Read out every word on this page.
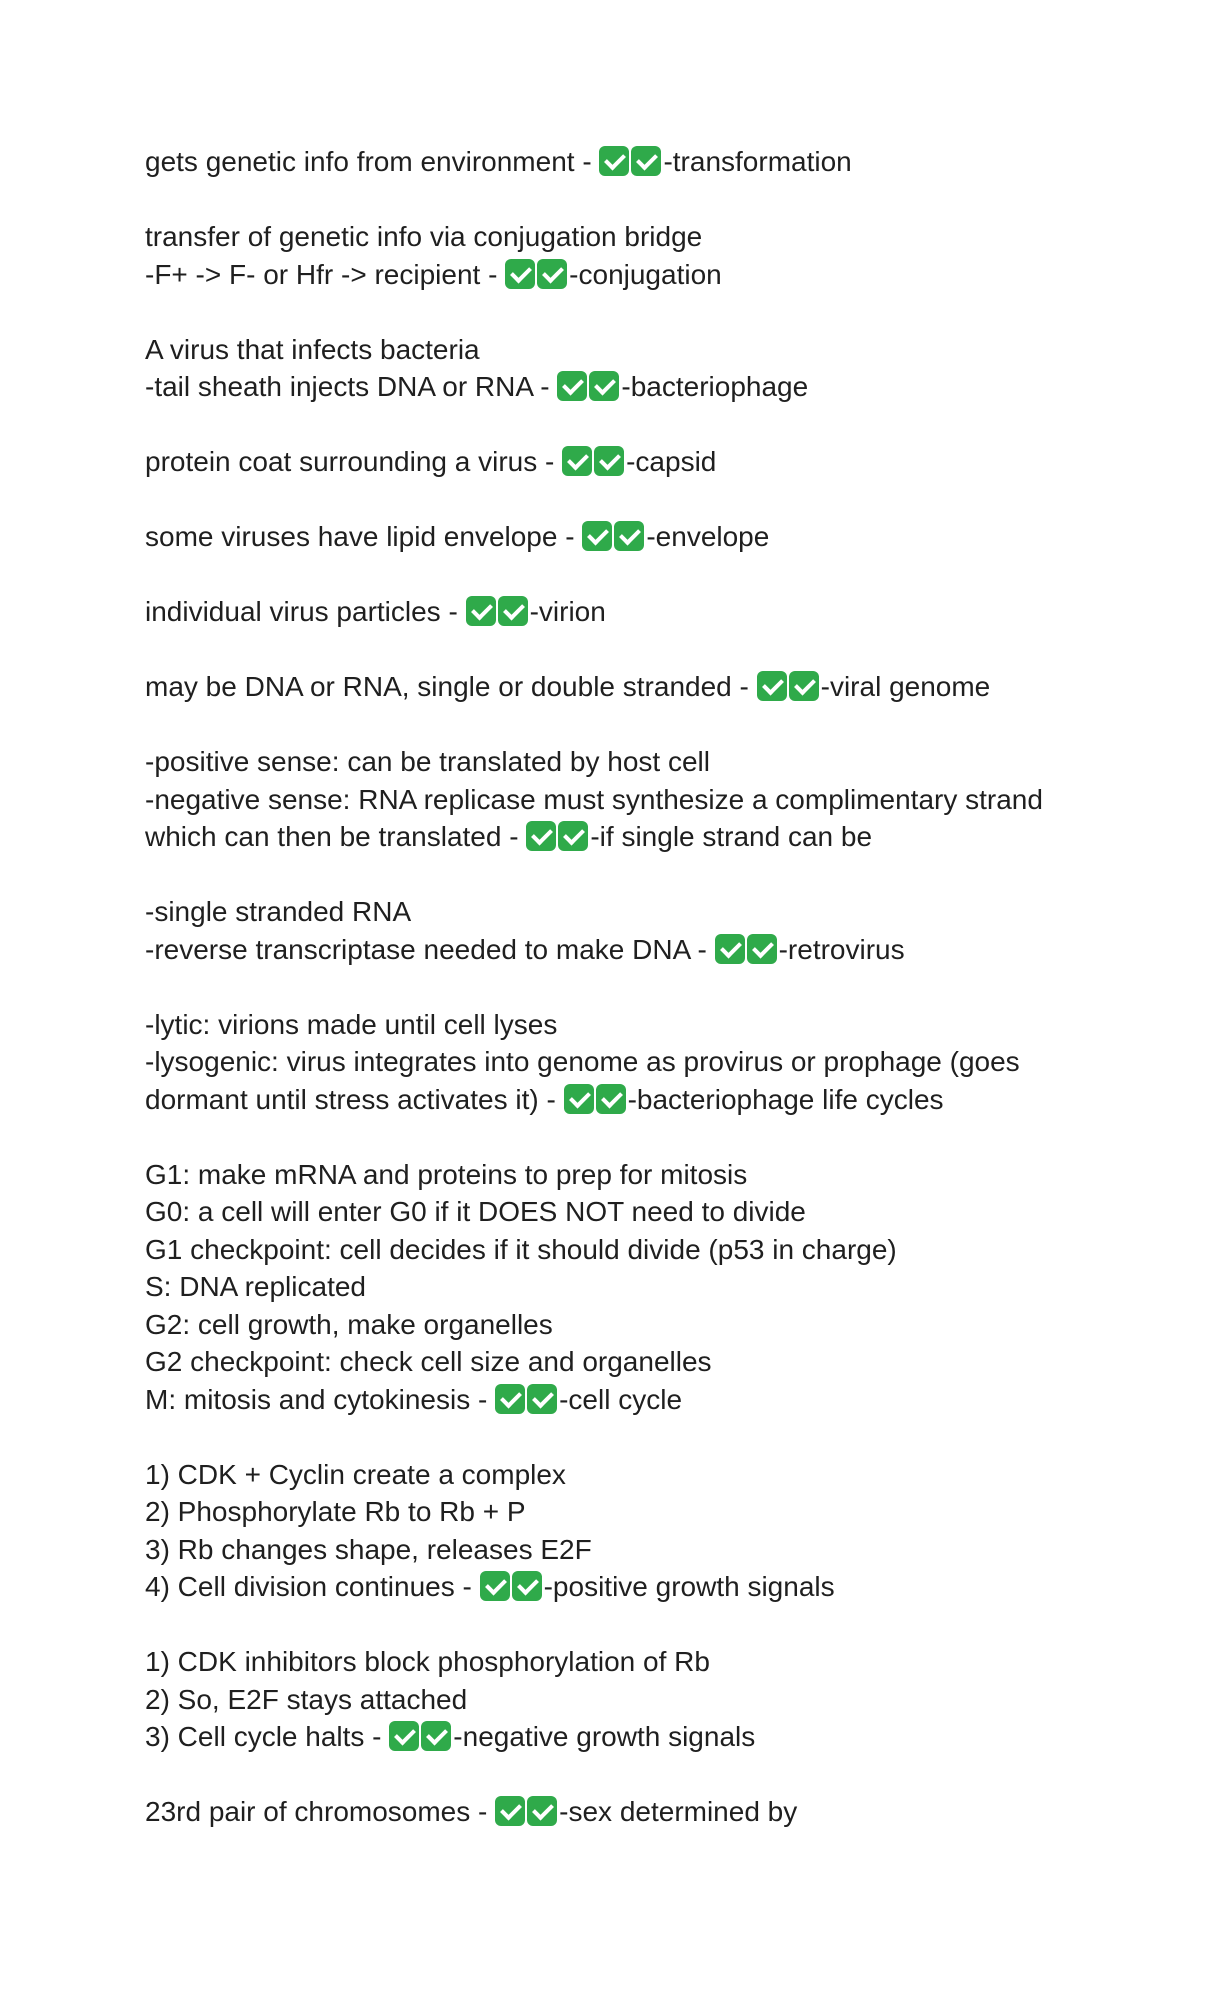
gets genetic info from environment - -transformation
transfer of genetic info via conjugation bridge
-F+ -> F- or Hfr -> recipient - -conjugation
A virus that infects bacteria
-tail sheath injects DNA or RNA - -bacteriophage
protein coat surrounding a virus - -capsid
some viruses have lipid envelope - -envelope
individual virus particles - -virion
may be DNA or RNA, single or double stranded - -viral genome
-positive sense: can be translated by host cell
-negative sense: RNA replicase must synthesize a complimentary strand
which can then be translated - -if single strand can be
-single stranded RNA
-reverse transcriptase needed to make DNA - -retrovirus
-lytic: virions made until cell lyses
-lysogenic: virus integrates into genome as provirus or prophage (goes
dormant until stress activates it) - -bacteriophage life cycles
G1: make mRNA and proteins to prep for mitosis
G0: a cell will enter G0 if it DOES NOT need to divide
G1 checkpoint: cell decides if it should divide (p53 in charge)
S: DNA replicated
G2: cell growth, make organelles
G2 checkpoint: check cell size and organelles
M: mitosis and cytokinesis - -cell cycle
1) CDK + Cyclin create a complex
2) Phosphorylate Rb to Rb + P
3) Rb changes shape, releases E2F
4) Cell division continues - -positive growth signals
1) CDK inhibitors block phosphorylation of Rb
2) So, E2F stays attached
3) Cell cycle halts - -negative growth signals
23rd pair of chromosomes - -sex determined by
